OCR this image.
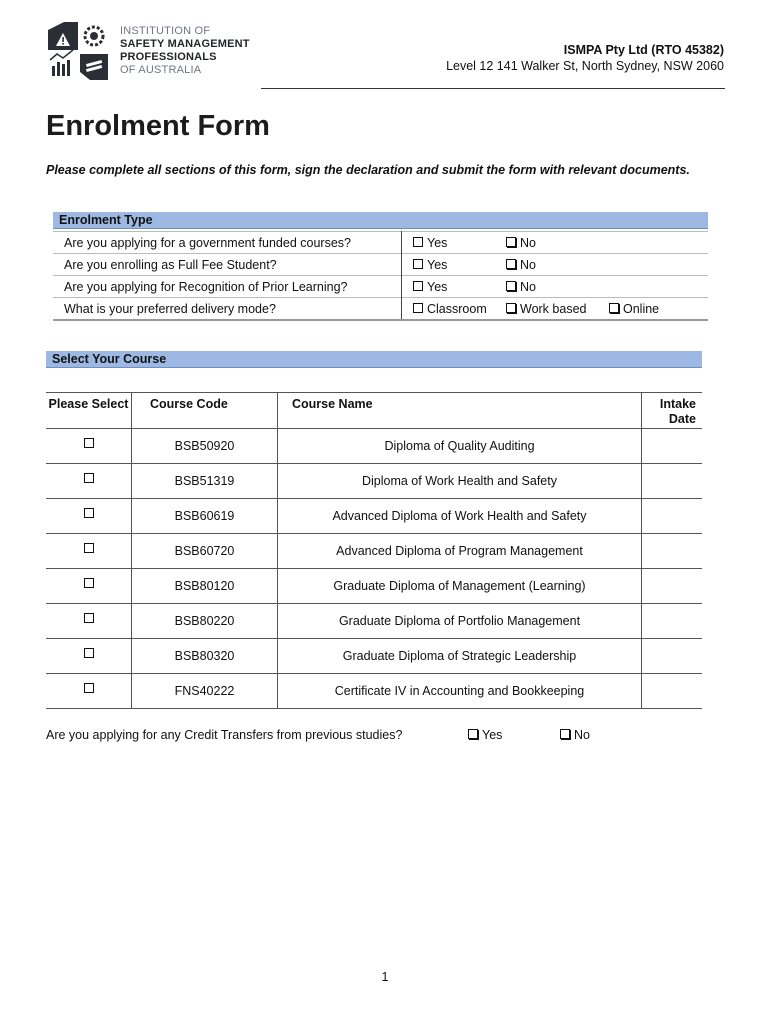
INSTITUTION OF
SAFETY MANAGEMENT
PROFESSIONALS
OF AUSTRALIA
ISMPA Pty Ltd (RTO 45382)
Level 12 141 Walker St, North Sydney, NSW 2060
Enrolment Form

Please complete all sections of this form, sign the declaration and submit the form with relevant documents.

Enrolment Type
Are you applying for a government funded courses?	Yes No
Are you enrolling as Full Fee Student?	Yes No
Are you applying for Recognition of Prior Learning?	Yes No
What is your preferred delivery mode?	Classroom Work based Online
Select Your Course
Please Select	Course Code	Course Name	Intake Date
	BSB50920	Diploma of Quality Auditing	
	BSB51319	Diploma of Work Health and Safety	
	BSB60619	Advanced Diploma of Work Health and Safety	
	BSB60720	Advanced Diploma of Program Management	
	BSB80120	Graduate Diploma of Management (Learning)	
	BSB80220	Graduate Diploma of Portfolio Management	
	BSB80320	Graduate Diploma of Strategic Leadership	
	FNS40222	Certificate IV in Accounting and Bookkeeping	
Are you applying for any Credit Transfers from previous studies?	Yes	No
1
